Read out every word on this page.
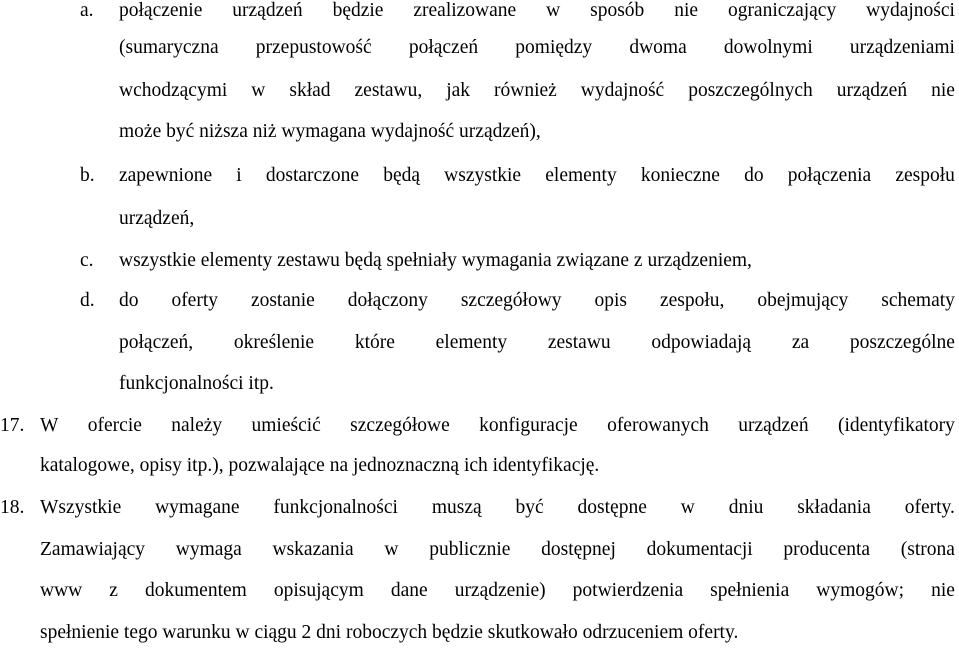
a. połączenie urządzeń będzie zrealizowane w sposób nie ograniczający wydajności
(sumaryczna przepustowość połączeń pomiędzy dwoma dowolnymi urządzeniami
wchodzącymi w skład zestawu, jak również wydajność poszczególnych urządzeń nie
może być niższa niż wymagana wydajność urządzeń),
b. zapewnione i dostarczone będą wszystkie elementy konieczne do połączenia zespołu
urządzeń,
c. wszystkie elementy zestawu będą spełniały wymagania związane z urządzeniem,
d. do oferty zostanie dołączony szczegółowy opis zespołu, obejmujący schematy
połączeń, określenie które elementy zestawu odpowiadają za poszczególne
funkcjonalności itp.
17. W ofercie należy umieścić szczegółowe konfiguracje oferowanych urządzeń (identyfikatory
katalogowe, opisy itp.), pozwalające na jednoznaczną ich identyfikację.
18. Wszystkie wymagane funkcjonalności muszą być dostępne w dniu składania oferty.
Zamawiający wymaga wskazania w publicznie dostępnej dokumentacji producenta (strona
www z dokumentem opisującym dane urządzenie) potwierdzenia spełnienia wymogów; nie
spełnienie tego warunku w ciągu 2 dni roboczych będzie skutkowało odrzuceniem oferty.
